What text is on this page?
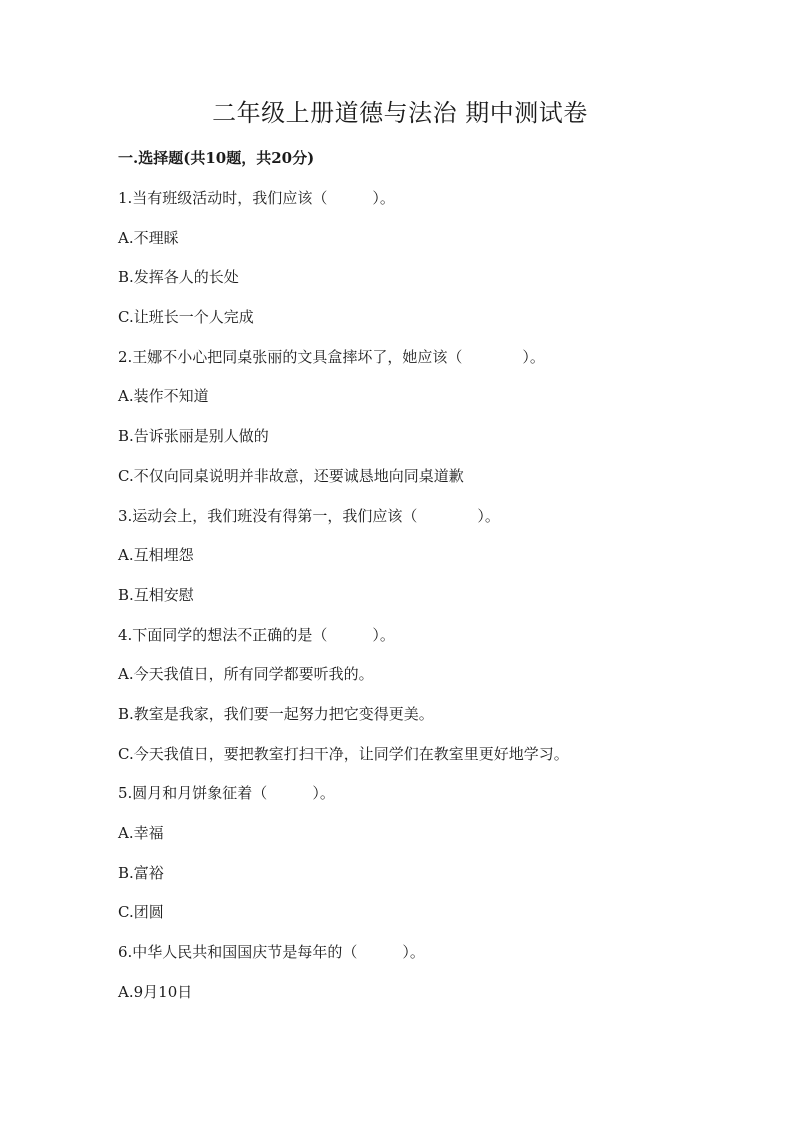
二年级上册道德与法治 期中测试卷
一.选择题(共10题，共20分)
1.当有班级活动时，我们应该（　　　）。
A.不理睬
B.发挥各人的长处
C.让班长一个人完成
2.王娜不小心把同桌张丽的文具盒摔坏了，她应该（　　　　）。
A.装作不知道
B.告诉张丽是别人做的
C.不仅向同桌说明并非故意，还要诚恳地向同桌道歉
3.运动会上，我们班没有得第一，我们应该（　　　　）。
A.互相埋怨
B.互相安慰
4.下面同学的想法不正确的是（　　　）。
A.今天我值日，所有同学都要听我的。
B.教室是我家，我们要一起努力把它变得更美。
C.今天我值日，要把教室打扫干净，让同学们在教室里更好地学习。
5.圆月和月饼象征着（　　　）。
A.幸福
B.富裕
C.团圆
6.中华人民共和国国庆节是每年的（　　　）。
A.9月10日
